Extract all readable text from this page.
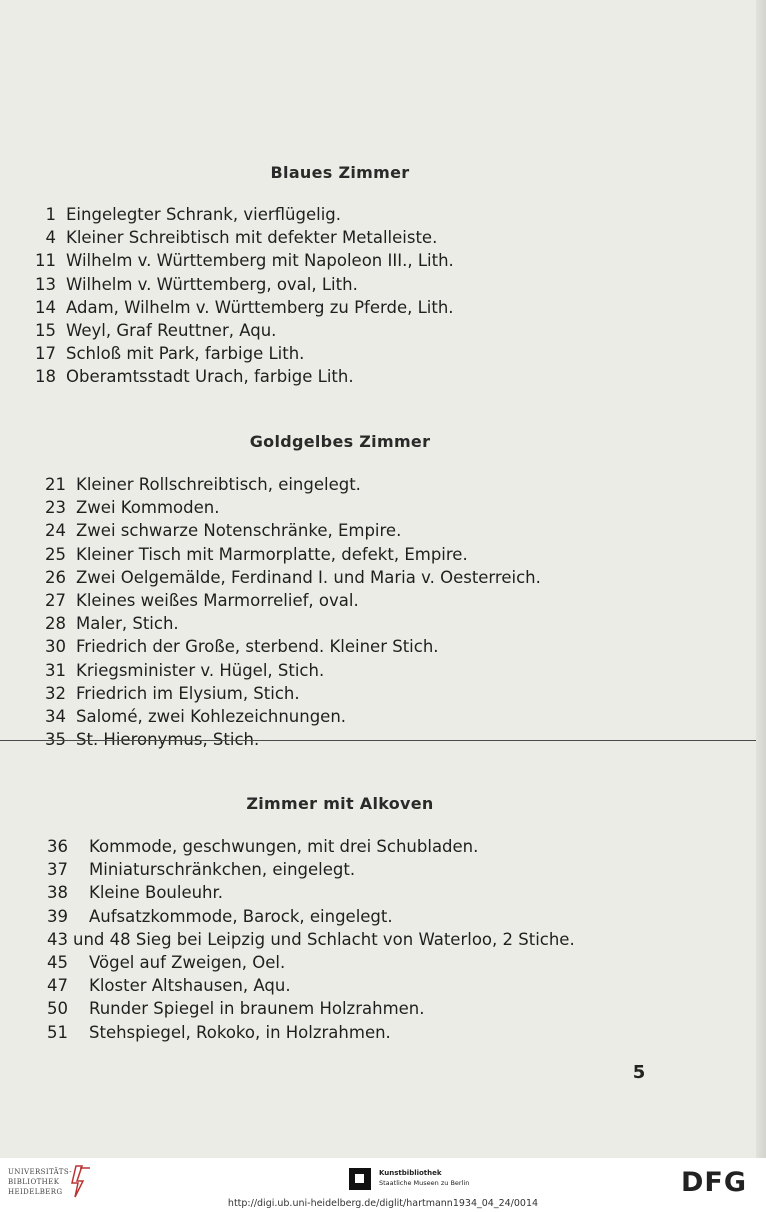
Blaues Zimmer
1 Eingelegter Schrank, vierflügelig.
4 Kleiner Schreibtisch mit defekter Metalleiste.
11 Wilhelm v. Württemberg mit Napoleon III., Lith.
13 Wilhelm v. Württemberg, oval, Lith.
14 Adam, Wilhelm v. Württemberg zu Pferde, Lith.
15 Weyl, Graf Reuttner, Aqu.
17 Schloß mit Park, farbige Lith.
18 Oberamtsstadt Urach, farbige Lith.
Goldgelbes Zimmer
21 Kleiner Rollschreibtisch, eingelegt.
23 Zwei Kommoden.
24 Zwei schwarze Notenschränke, Empire.
25 Kleiner Tisch mit Marmorplatte, defekt, Empire.
26 Zwei Oelgemälde, Ferdinand I. und Maria v. Oesterreich.
27 Kleines weißes Marmorrelief, oval.
28 Maler, Stich.
30 Friedrich der Große, sterbend. Kleiner Stich.
31 Kriegsminister v. Hügel, Stich.
32 Friedrich im Elysium, Stich.
34 Salomé, zwei Kohlezeichnungen.
35 St. Hieronymus, Stich.
Zimmer mit Alkoven
36 Kommode, geschwungen, mit drei Schubladen.
37 Miniaturschränkchen, eingelegt.
38 Kleine Bouleuhr.
39 Aufsatzkommode, Barock, eingelegt.
43 und 48 Sieg bei Leipzig und Schlacht von Waterloo, 2 Stiche.
45 Vögel auf Zweigen, Oel.
47 Kloster Altshausen, Aqu.
50 Runder Spiegel in braunem Holzrahmen.
51 Stehspiegel, Rokoko, in Holzrahmen.
5
UNIVERSITÄTS-
BIBLIOTHEK
HEIDELBERG
Kunstbibliothek
Staatliche Museen zu Berlin	DFG
http://digi.ub.uni-heidelberg.de/diglit/hartmann1934_04_24/0014
